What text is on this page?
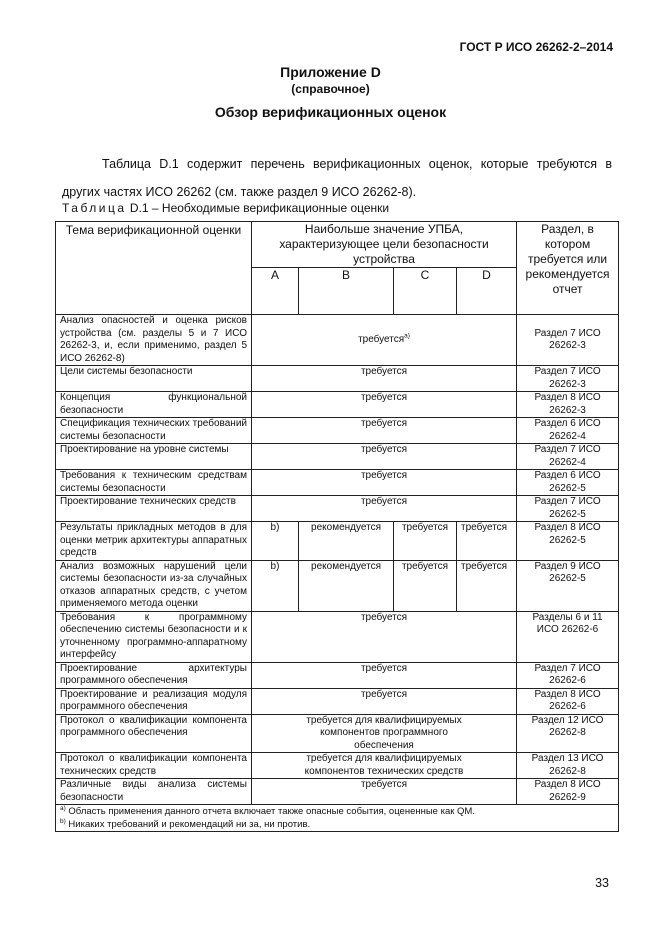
ГОСТ Р ИСО 26262-2–2014
Приложение D
(справочное)
Обзор верификационных оценок

Таблица D.1 содержит перечень верификационных оценок, которые требуются в других частях ИСО 26262 (см. также раздел 9 ИСО 26262-8).

Таблица D.1 – Необходимые верификационные оценки
Тема верификационной оценки	Наибольше значение УПБА, характеризующее цели безопасности устройства				Раздел, в котором требуется или рекомендуется отчет
	A	B	C	D	
Анализ опасностей и оценка рисков устройства (см. разделы 5 и 7 ИСО 26262-3, и, если применимо, раздел 5 ИСО 26262-8)	требуется$^{a)}$				Раздел 7 ИСО 26262-3
Цели системы безопасности	требуется				Раздел 7 ИСО 26262-3
Концепция функциональной безопасности	требуется				Раздел 8 ИСО 26262-3
Спецификация технических требований системы безопасности	требуется				Раздел 6 ИСО 26262-4
Проектирование на уровне системы	требуется				Раздел 7 ИСО 26262-4
Требования к техническим средствам системы безопасности	требуется				Раздел 6 ИСО 26262-5
Проектирование технических средств	требуется				Раздел 7 ИСО 26262-5
Результаты прикладных методов в для оценки метрик архитектуры аппаратных средств	b)	рекомендуется	требуется	требуется	Раздел 8 ИСО 26262-5
Анализ возможных нарушений цели системы безопасности из-за случайных отказов аппаратных средств, с учетом применяемого метода оценки	b)	рекомендуется	требуется	требуется	Раздел 9 ИСО 26262-5
Требования к программному обеспечению системы безопасности и к уточненному программно-аппаратному интерфейсу	требуется				Разделы 6 и 11 ИСО 26262-6
Проектирование архитектуры программного обеспечения	требуется				Раздел 7 ИСО 26262-6
Проектирование и реализация модуля программного обеспечения	требуется				Раздел 8 ИСО 26262-6
Протокол о квалификации компонента программного обеспечения	требуется для квалифицируемых компонентов программного обеспечения				Раздел 12 ИСО 26262-8
Протокол о квалификации компонента технических средств	требуется для квалифицируемых компонентов технических средств				Раздел 13 ИСО 26262-8
Различные виды анализа системы безопасности	требуется				Раздел 8 ИСО 26262-9

$^{a)}$ Область применения данного отчета включает также опасные события, оцененные как QM.
$^{b)}$ Никаких требований и рекомендаций ни за, ни против.					
33
